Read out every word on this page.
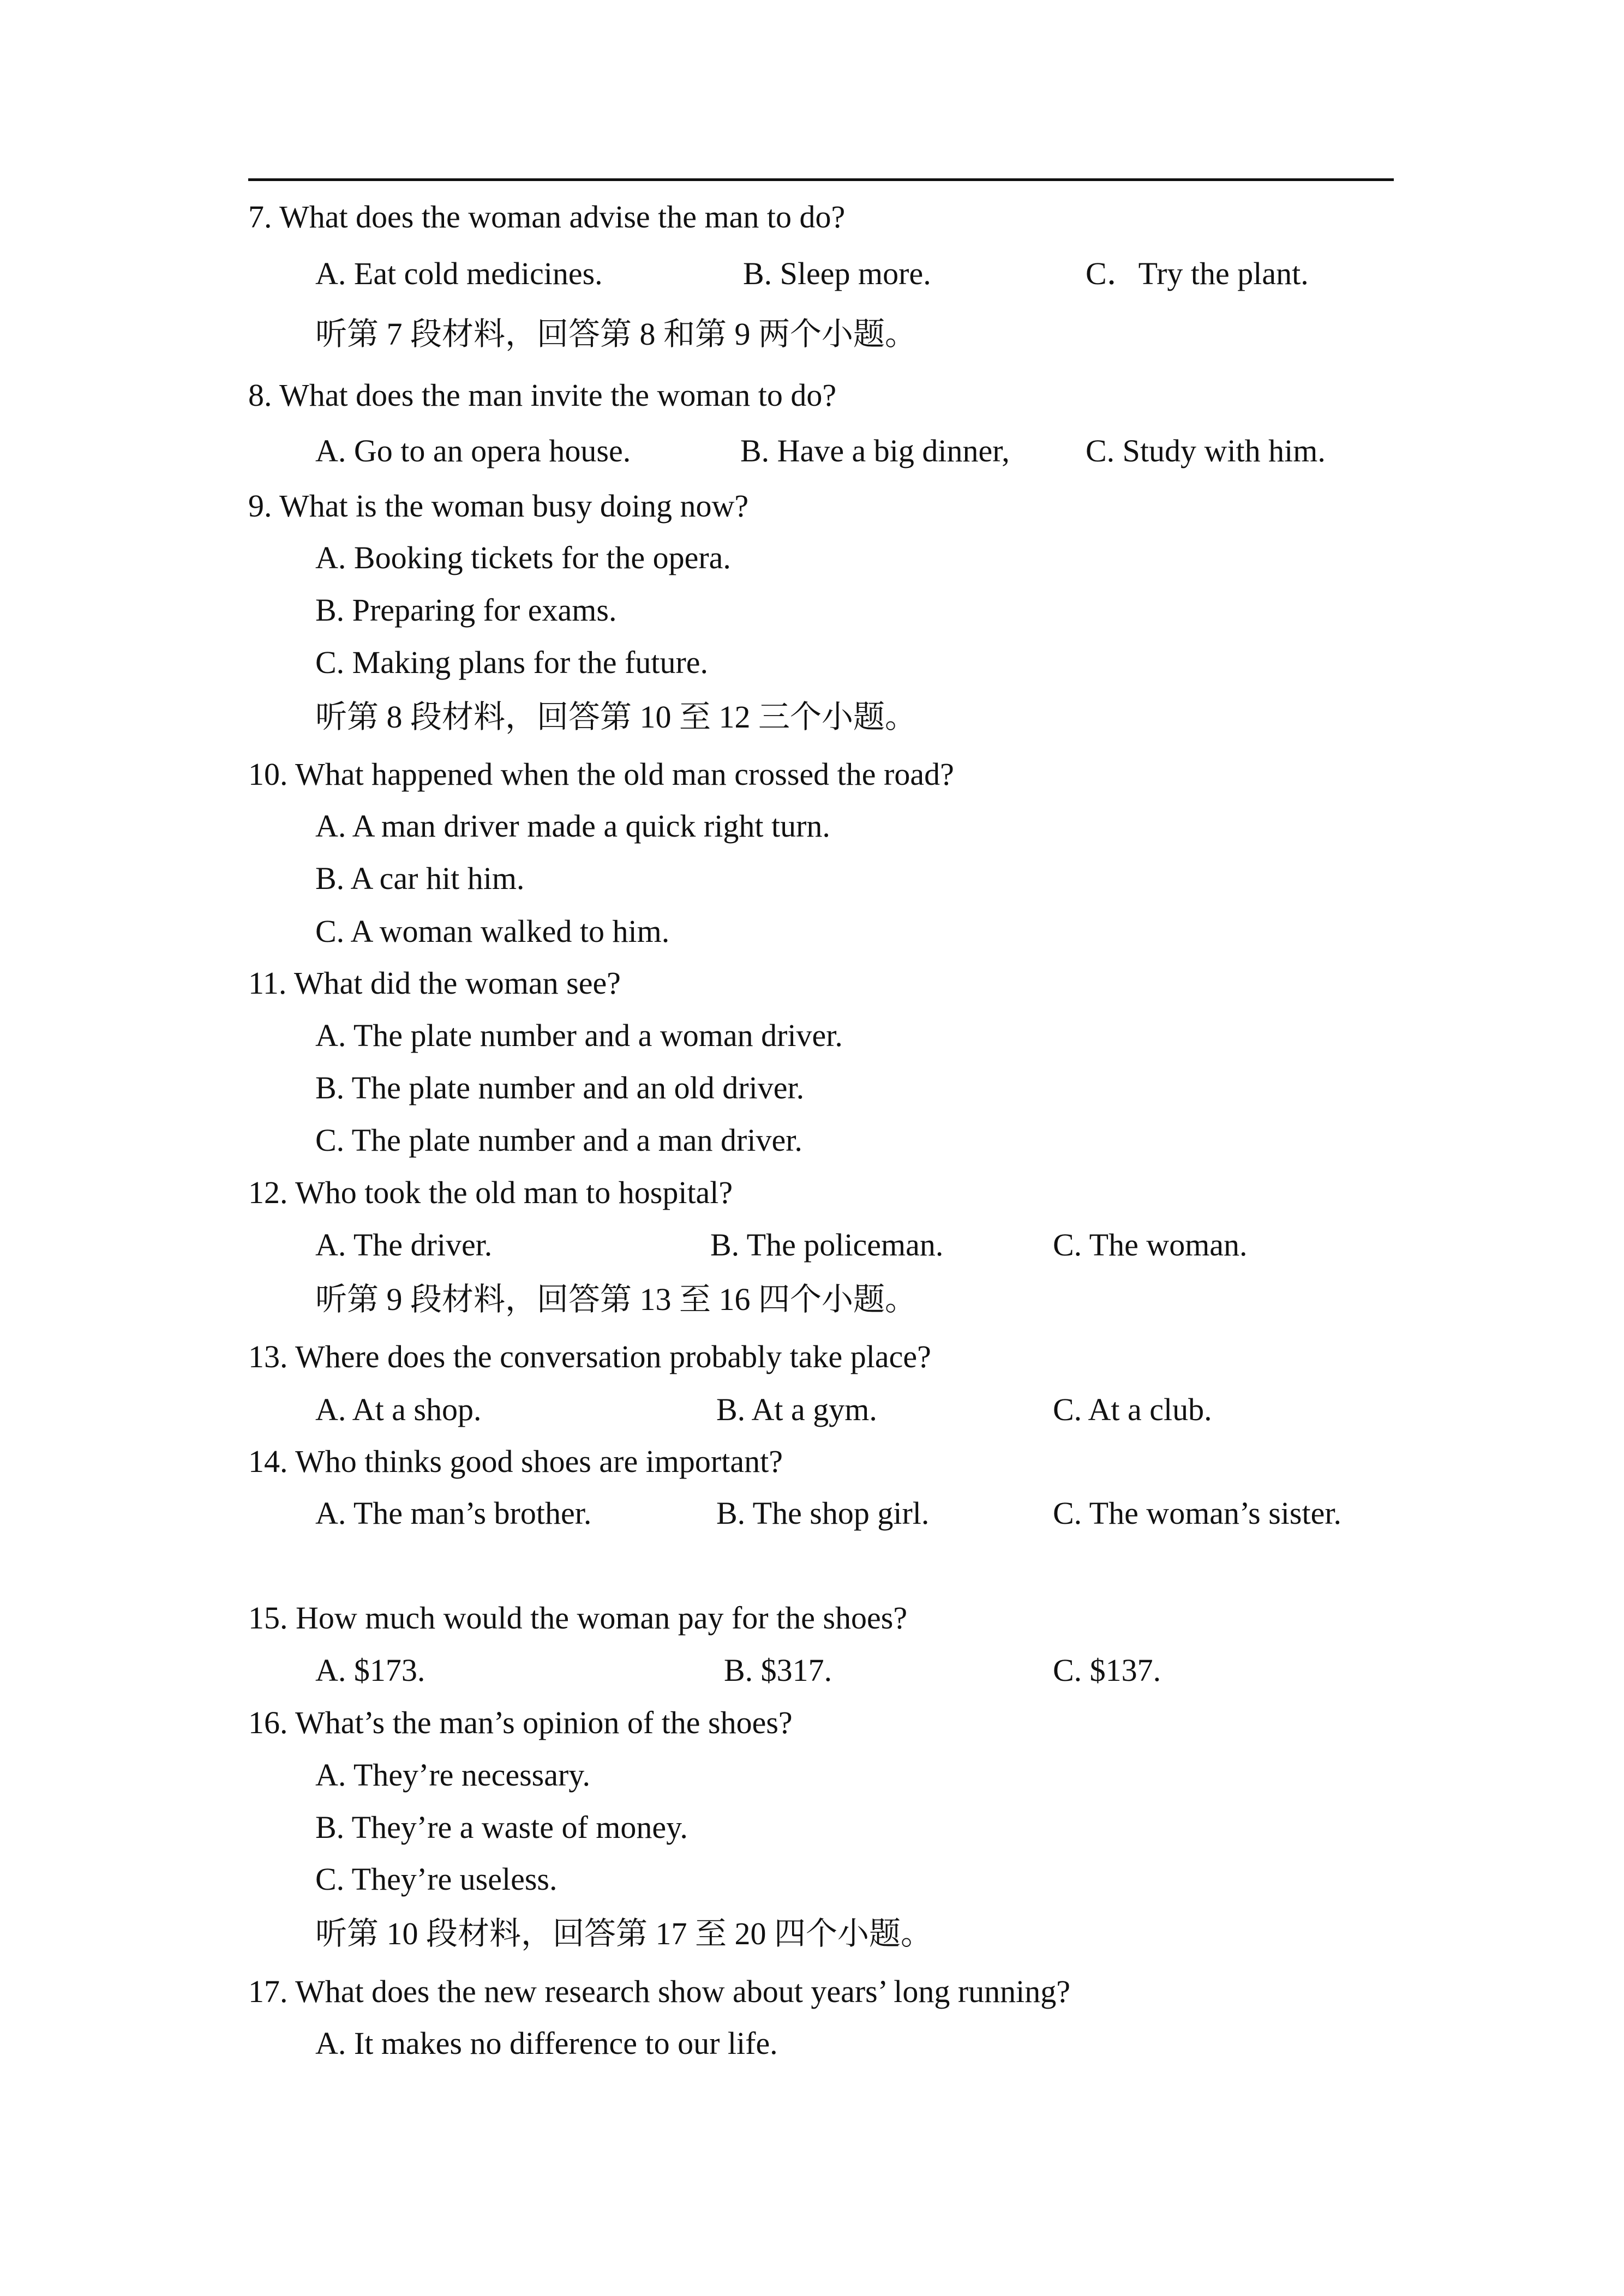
7. What does the woman advise the man to do?
A. Eat cold medicines.	B. Sleep more.	C．Try the plant.
听第 7 段材料，回答第 8 和第 9 两个小题。
8. What does the man invite the woman to do?
A. Go to an opera house.	B. Have a big dinner, C. Study with him.
9. What is the woman busy doing now?
A. Booking tickets for the opera.
B. Preparing for exams.
C. Making plans for the future.
听第 8 段材料，回答第 10 至 12 三个小题。
10. What happened when the old man crossed the road?
A. A man driver made a quick right turn.
B. A car hit him.
C. A woman walked to him.
11. What did the woman see?
A. The plate number and a woman driver.
B. The plate number and an old driver.
C. The plate number and a man driver.
12. Who took the old man to hospital?
A. The driver.	B. The policeman.	C. The woman.
听第 9 段材料，回答第 13 至 16 四个小题。
13. Where does the conversation probably take place?
A. At a shop.	B. At a gym.	C. At a club.
14. Who thinks good shoes are important?
A. The man’s brother.	B. The shop girl.	C. The woman’s sister.
15. How much would the woman pay for the shoes?
A. $173.	B. $317.	C. $137.
16. What’s the man’s opinion of the shoes?
A. They’re necessary.
B. They’re a waste of money.
C. They’re useless.
听第 10 段材料，回答第 17 至 20 四个小题。
17. What does the new research show about years’ long running?
A. It makes no difference to our life.
